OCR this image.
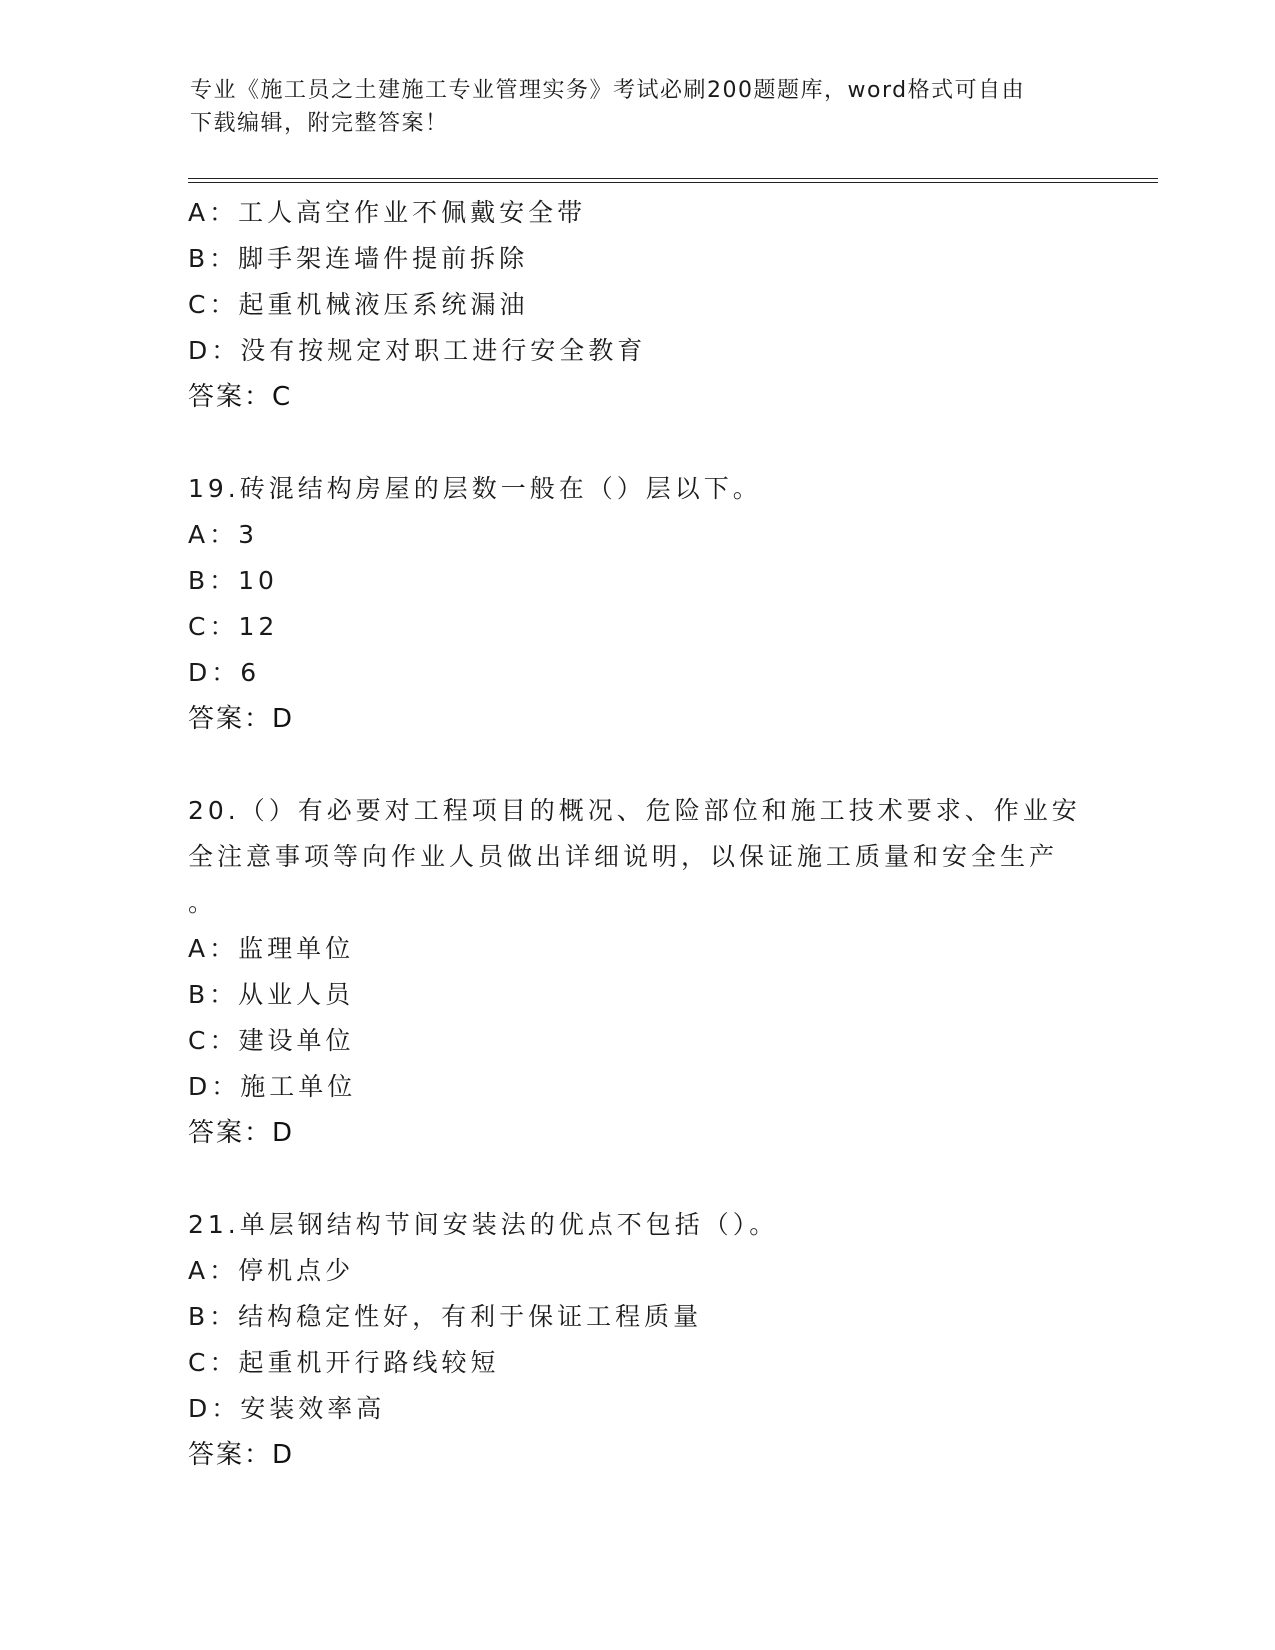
专业《施工员之土建施工专业管理实务》考试必刷200题题库，word格式可自由
下载编辑，附完整答案！
A：工人高空作业不佩戴安全带
B：脚手架连墙件提前拆除
C：起重机械液压系统漏油
D：没有按规定对职工进行安全教育
答案：C
19.砖混结构房屋的层数一般在（）层以下。
A：3
B：10
C：12
D：6
答案：D
20.（）有必要对工程项目的概况、危险部位和施工技术要求、作业安
全注意事项等向作业人员做出详细说明，以保证施工质量和安全生产
。
A：监理单位
B：从业人员
C：建设单位
D：施工单位
答案：D
21.单层钢结构节间安装法的优点不包括（）。
A：停机点少
B：结构稳定性好，有利于保证工程质量
C：起重机开行路线较短
D：安装效率高
答案：D
